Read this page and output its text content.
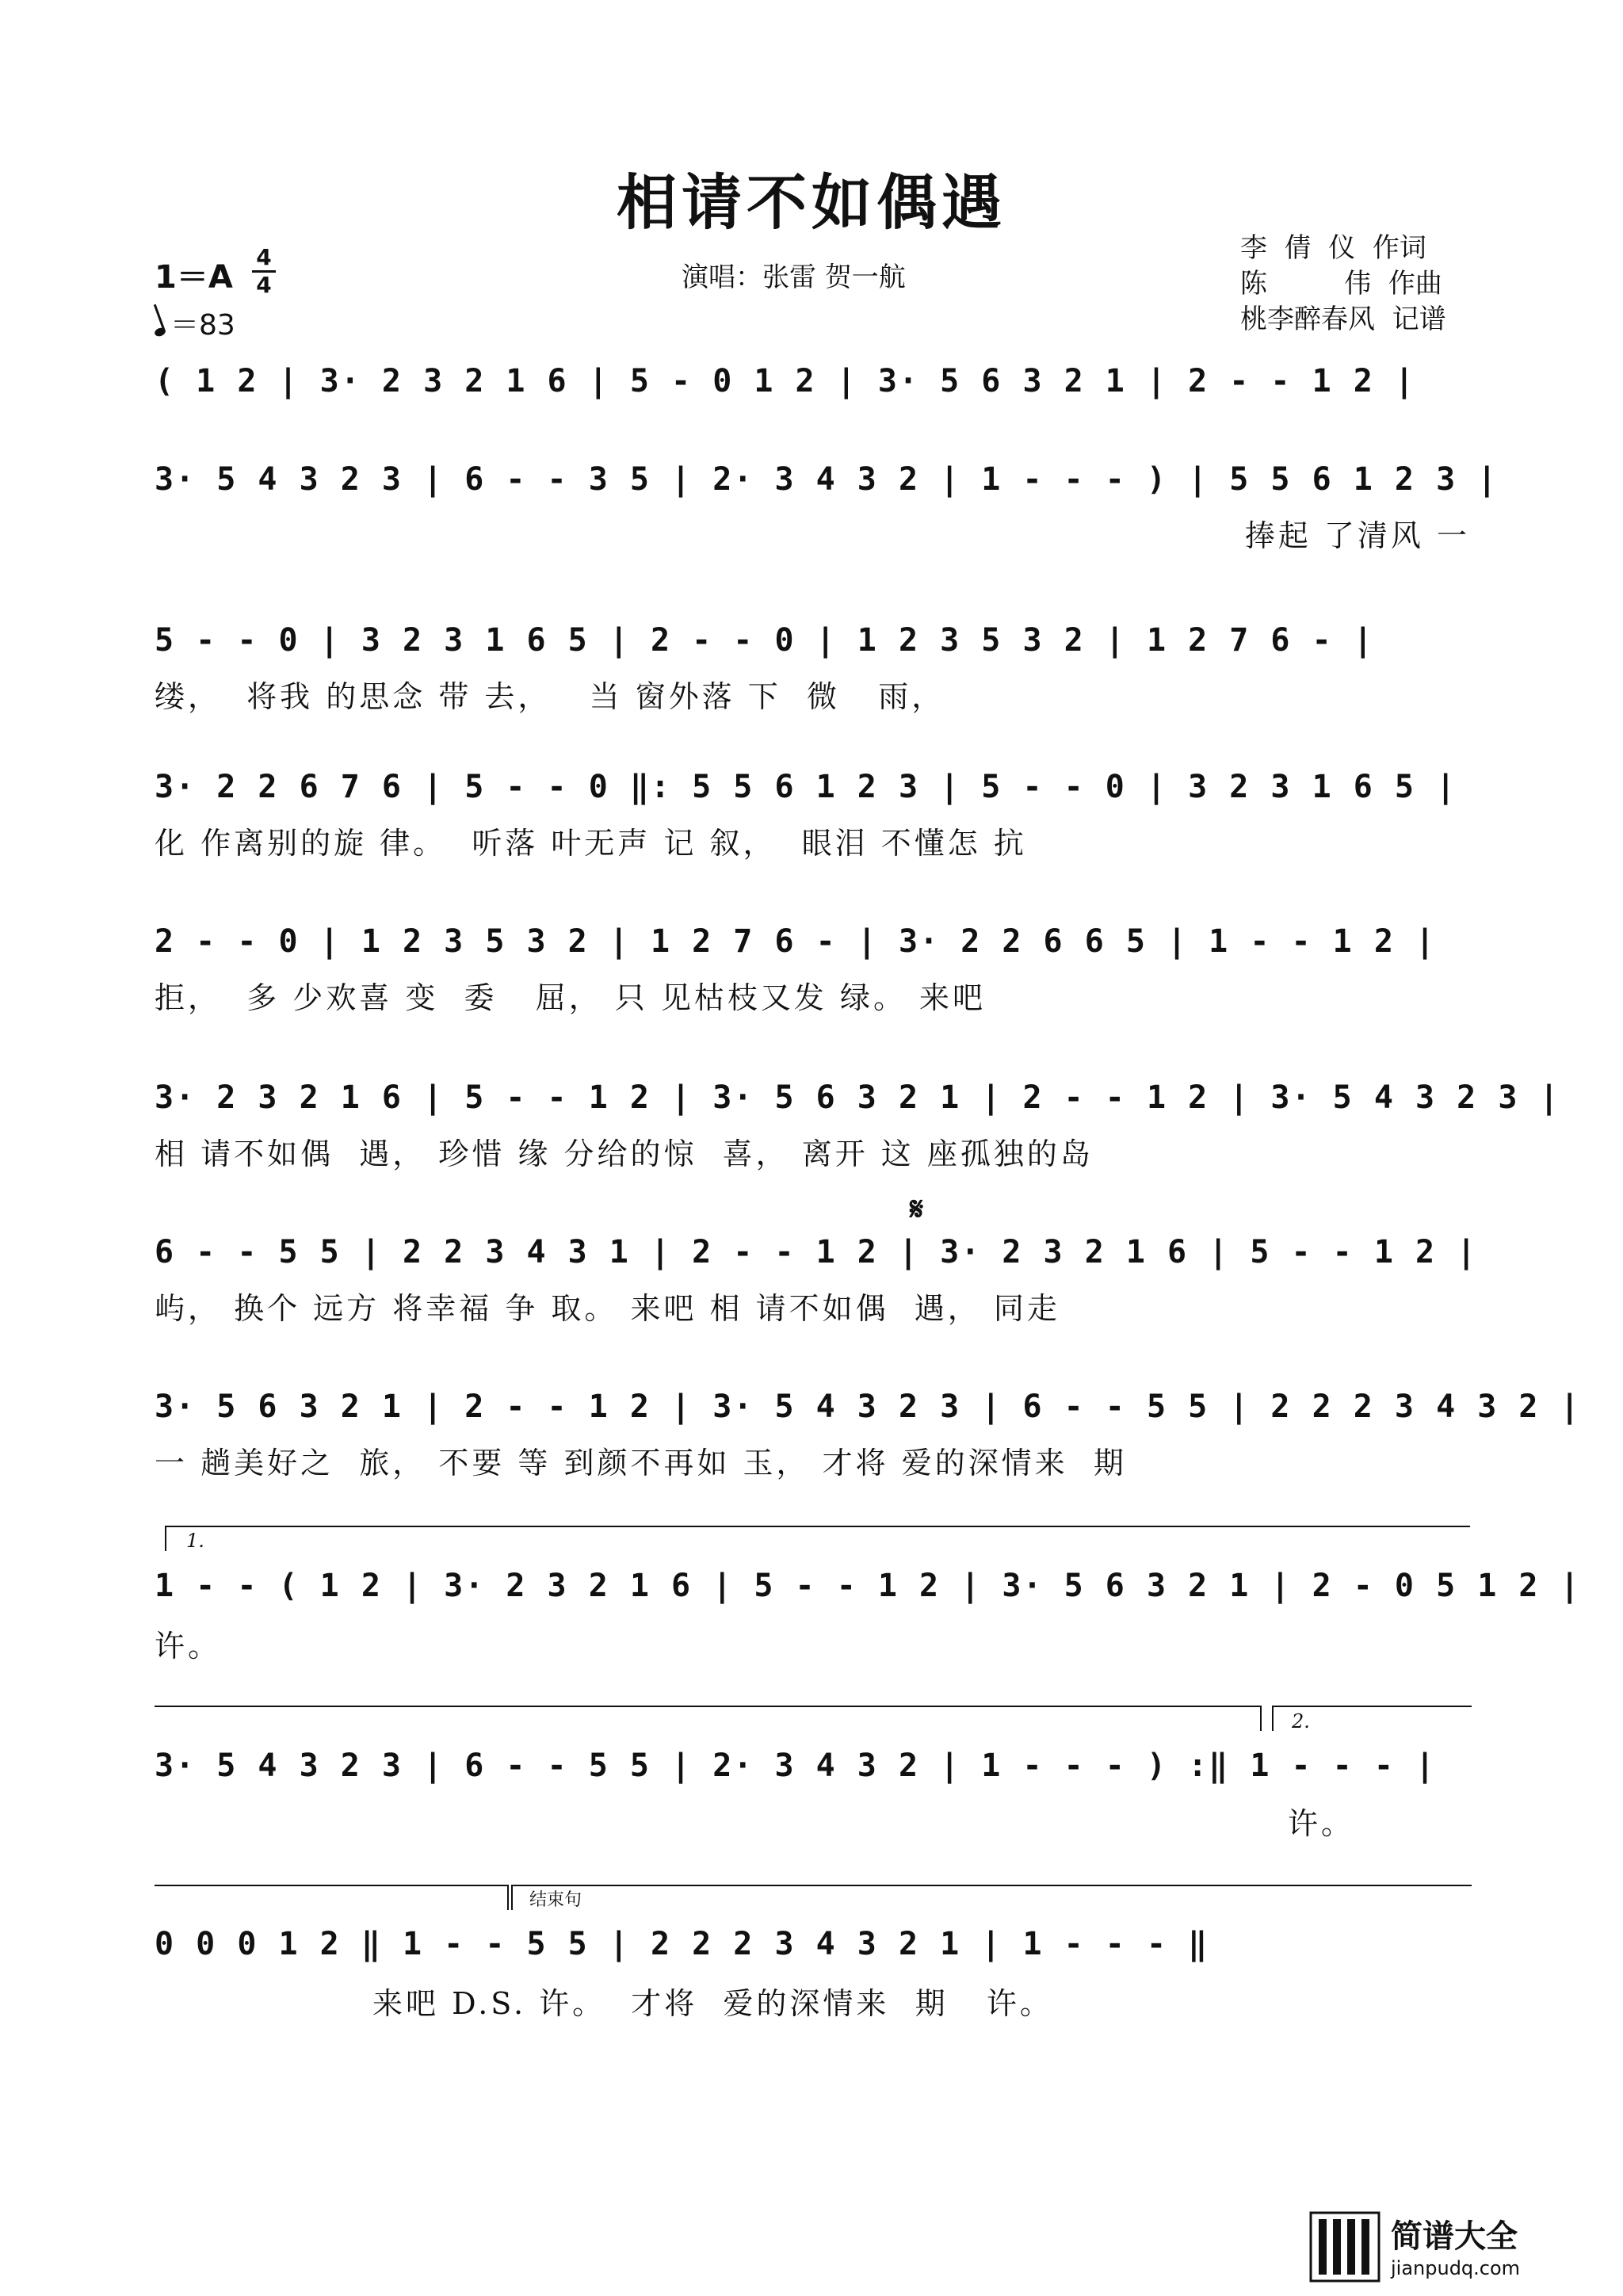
相请不如偶遇
演唱：张雷 贺一航
李  倩  仪  作词
陈         伟  作曲
桃李醉春风  记谱
1＝A
4
4
＝83
( 1 2 | 3· 2 3 2 1 6 | 5 - 0 1 2 | 3· 5 6 3 2 1 | 2 - - 1 2 |
3· 5 4 3 2 3 | 6 - - 3 5 | 2· 3 4 3 2 | 1 - - - ) | 5 5 6 1 2 3 |
捧起 了清风 一
5 - - 0 | 3 2 3 1 6 5 | 2 - - 0 | 1 2 3 5 3 2 | 1 2 7 6 - |
缕，  将我 的思念 带 去，   当 窗外落 下  微   雨，
3· 2 2 6 7 6 | 5 - - 0 ‖: 5 5 6 1 2 3 | 5 - - 0 | 3 2 3 1 6 5 |
化 作离别的旋 律。  听落 叶无声 记 叙，  眼泪 不懂怎 抗
2 - - 0 | 1 2 3 5 3 2 | 1 2 7 6 - | 3· 2 2 6 6 5 | 1 - - 1 2 |
拒，  多 少欢喜 变  委   屈， 只 见枯枝又发 绿。 来吧
3· 2 3 2 1 6 | 5 - - 1 2 | 3· 5 6 3 2 1 | 2 - - 1 2 | 3· 5 4 3 2 3 |
相 请不如偶  遇， 珍惜 缘 分给的惊  喜， 离开 这 座孤独的岛
𝄋
6 - - 5 5 | 2 2 3 4 3 1 | 2 - - 1 2 | 3· 2 3 2 1 6 | 5 - - 1 2 |
屿， 换个 远方 将幸福 争 取。 来吧 相 请不如偶  遇， 同走
3· 5 6 3 2 1 | 2 - - 1 2 | 3· 5 4 3 2 3 | 6 - - 5 5 | 2 2 2 3 4 3 2 |
一 趟美好之  旅， 不要 等 到颜不再如 玉， 才将 爱的深情来  期
1.
1 - - ( 1 2 | 3· 2 3 2 1 6 | 5 - - 1 2 | 3· 5 6 3 2 1 | 2 - 0 5 1 2 |
许。
2.
3· 5 4 3 2 3 | 6 - - 5 5 | 2· 3 4 3 2 | 1 - - - ) :‖ 1 - - - |
许。
结束句
0 0 0 1 2 ‖ 1 - - 5 5 | 2 2 2 3 4 3 2 1 | 1 - - - ‖
来吧 D.S. 许。  才将  爱的深情来  期   许。
简谱大全
jianpudq.com
